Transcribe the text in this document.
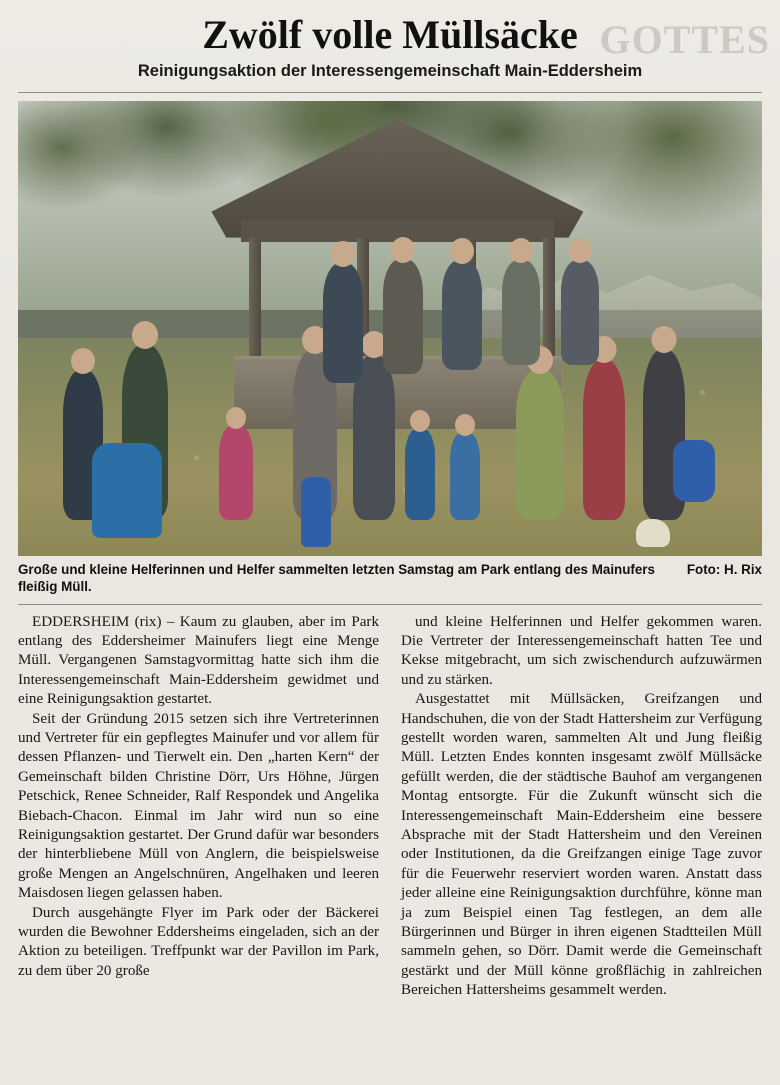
GOTTES
Zwölf volle Müllsäcke
Reinigungsaktion der Interessengemeinschaft Main-Eddersheim
Foto: H. Rix
Große und kleine Helferinnen und Helfer sammelten letzten Samstag am Park entlang des Mainufers fleißig Müll.

EDDERSHEIM (rix) – Kaum zu glauben, aber im Park entlang des Eddersheimer Mainufers liegt eine Menge Müll. Vergangenen Samstagvormittag hatte sich ihm die Interessengemeinschaft Main-Eddersheim gewidmet und eine Reinigungsaktion gestartet.

Seit der Gründung 2015 setzen sich ihre Vertreterinnen und Vertreter für ein gepflegtes Mainufer und vor allem für dessen Pflanzen- und Tierwelt ein. Den „harten Kern“ der Gemeinschaft bilden Christine Dörr, Urs Höhne, Jürgen Petschick, Renee Schneider, Ralf Respondek und Angelika Biebach-Chacon. Einmal im Jahr wird nun so eine Reinigungsaktion gestartet. Der Grund dafür war besonders der hinterbliebene Müll von Anglern, die beispielsweise große Mengen an Angelschnüren, Angelhaken und leeren Maisdosen liegen gelassen haben.

Durch ausgehängte Flyer im Park oder der Bäckerei wurden die Bewohner Eddersheims eingeladen, sich an der Aktion zu beteiligen. Treffpunkt war der Pavillon im Park, zu dem über 20 große

und kleine Helferinnen und Helfer gekommen waren. Die Vertreter der Interessengemeinschaft hatten Tee und Kekse mitgebracht, um sich zwischendurch aufzuwärmen und zu stärken.

Ausgestattet mit Müllsäcken, Greifzangen und Handschuhen, die von der Stadt Hattersheim zur Verfügung gestellt worden waren, sammelten Alt und Jung fleißig Müll. Letzten Endes konnten insgesamt zwölf Müllsäcke gefüllt werden, die der städtische Bauhof am vergangenen Montag entsorgte. Für die Zukunft wünscht sich die Interessengemeinschaft Main-Eddersheim eine bessere Absprache mit der Stadt Hattersheim und den Vereinen oder Institutionen, da die Greifzangen einige Tage zuvor für die Feuerwehr reserviert worden waren. Anstatt dass jeder alleine eine Reinigungsaktion durchführe, könne man ja zum Beispiel einen Tag festlegen, an dem alle Bürgerinnen und Bürger in ihren eigenen Stadtteilen Müll sammeln gehen, so Dörr. Damit werde die Gemeinschaft gestärkt und der Müll könne großflächig in zahlreichen Bereichen Hattersheims gesammelt werden.
